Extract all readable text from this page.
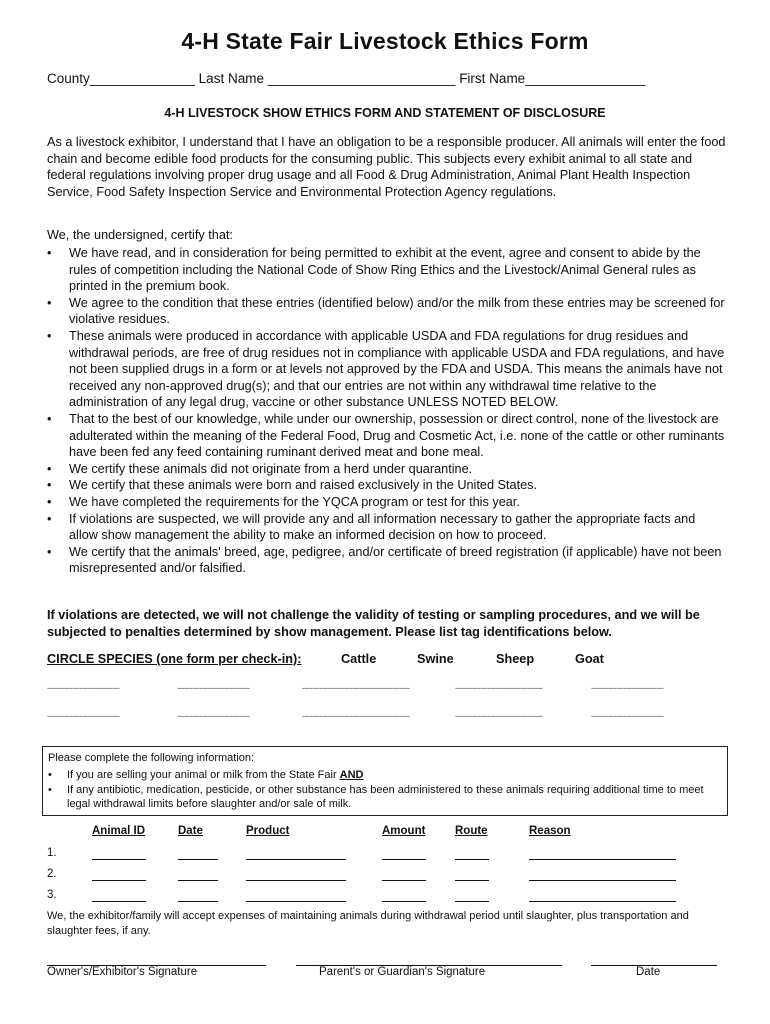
4-H State Fair Livestock Ethics Form
County______________ Last Name _________________________ First Name________________
4-H LIVESTOCK SHOW ETHICS FORM AND STATEMENT OF DISCLOSURE
As a livestock exhibitor, I understand that I have an obligation to be a responsible producer. All animals will enter the food chain and become edible food products for the consuming public. This subjects every exhibit animal to all state and federal regulations involving proper drug usage and all Food & Drug Administration, Animal Plant Health Inspection Service, Food Safety Inspection Service and Environmental Protection Agency regulations.
We, the undersigned, certify that:
• We have read, and in consideration for being permitted to exhibit at the event, agree and consent to abide by the rules of competition including the National Code of Show Ring Ethics and the Livestock/Animal General rules as printed in the premium book.
• We agree to the condition that these entries (identified below) and/or the milk from these entries may be screened for violative residues.
• These animals were produced in accordance with applicable USDA and FDA regulations for drug residues and withdrawal periods, are free of drug residues not in compliance with applicable USDA and FDA regulations, and have not been supplied drugs in a form or at levels not approved by the FDA and USDA. This means the animals have not received any non-approved drug(s); and that our entries are not within any withdrawal time relative to the administration of any legal drug, vaccine or other substance UNLESS NOTED BELOW.
• That to the best of our knowledge, while under our ownership, possession or direct control, none of the livestock are adulterated within the meaning of the Federal Food, Drug and Cosmetic Act, i.e. none of the cattle or other ruminants have been fed any feed containing ruminant derived meat and bone meal.
• We certify these animals did not originate from a herd under quarantine.
• We certify that these animals were born and raised exclusively in the United States.
• We have completed the requirements for the YQCA program or test for this year.
• If violations are suspected, we will provide any and all information necessary to gather the appropriate facts and allow show management the ability to make an informed decision on how to proceed.
• We certify that the animals' breed, age, pedigree, and/or certificate of breed registration (if applicable) have not been misrepresented and/or falsified.
If violations are detected, we will not challenge the validity of testing or sampling procedures, and we will be subjected to penalties determined by show management. Please list tag identifications below.
CIRCLE SPECIES (one form per check-in):	Cattle	Swine	Sheep	Goat
-----------------------------	-----------------------------	-------------------------------------------	-----------------------------------	-----------------------------
-----------------------------	-----------------------------	-------------------------------------------	-----------------------------------	-----------------------------
Please complete the following information:
• If you are selling your animal or milk from the State Fair AND
• If any antibiotic, medication, pesticide, or other substance has been administered to these animals requiring additional time to meet legal withdrawal limits before slaughter and/or sale of milk.
Animal ID	Date	Product	Amount	Route	Reason
1.
2.
3.
We, the exhibitor/family will accept expenses of maintaining animals during withdrawal period until slaughter, plus transportation and slaughter fees, if any.
Owner's/Exhibitor's Signature	Parent's or Guardian's Signature	Date
